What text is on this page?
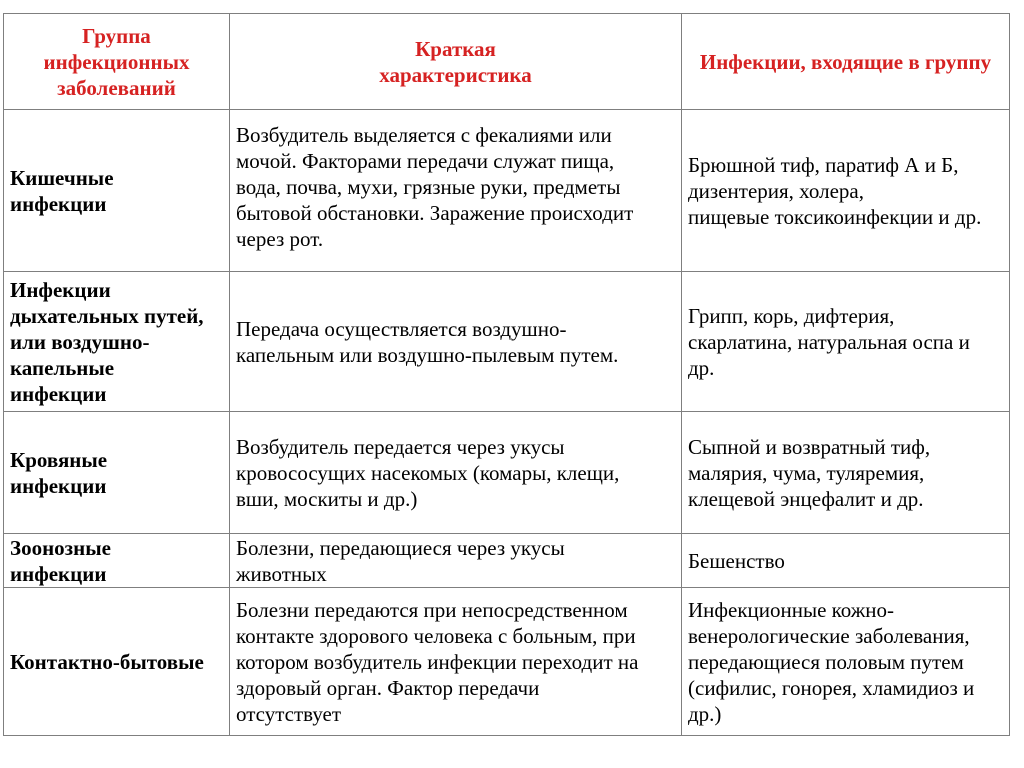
Группа
инфекционных
заболеваний	Краткая
характеристика	Инфекции, входящие в группу

Кишечные
инфекции	Возбудитель выделяется с фекалиями или
мочой. Факторами передачи служат пища,
вода, почва, мухи, грязные руки, предметы
бытовой обстановки. Заражение происходит
через рот.	Брюшной тиф, паратиф А и Б,
дизентерия, холера,
пищевые токсикоинфекции и др.

Инфекции
дыхательных путей,
или воздушно-
капельные
инфекции	Передача осуществляется воздушно-
капельным или воздушно-пылевым путем.	Грипп, корь, дифтерия,
скарлатина, натуральная оспа и
др.

Кровяные
инфекции	Возбудитель передается через укусы
кровососущих насекомых (комары, клещи,
вши, москиты и др.)	Сыпной и возвратный тиф,
малярия, чума, туляремия,
клещевой энцефалит и др.

Зоонозные
инфекции	Болезни, передающиеся через укусы
животных	Бешенство

Контактно-бытовые	Болезни передаются при непосредственном
контакте здорового человека с больным, при
котором возбудитель инфекции переходит на
здоровый орган. Фактор передачи
отсутствует	Инфекционные кожно-
венерологические заболевания,
передающиеся половым путем
(сифилис, гонорея, хламидиоз и
др.)
